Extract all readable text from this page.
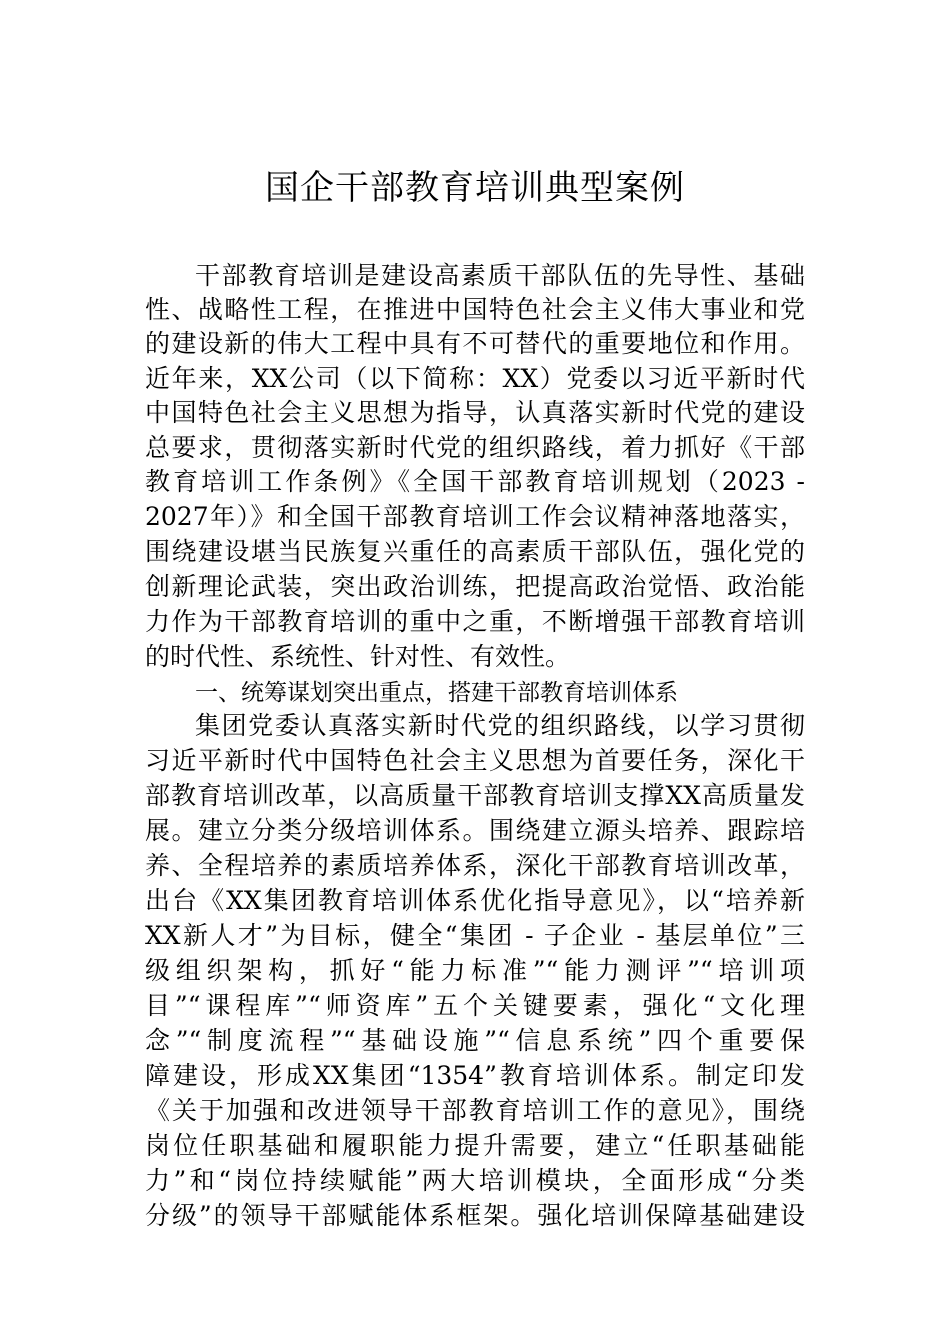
国企干部教育培训典型案例
干部教育培训是建设高素质干部队伍的先导性、基础
性、战略性工程，在推进中国特色社会主义伟大事业和党
的建设新的伟大工程中具有不可替代的重要地位和作用。
近年来，XX公司（以下简称：XX）党委以习近平新时代
中国特色社会主义思想为指导，认真落实新时代党的建设
总要求，贯彻落实新时代党的组织路线，着力抓好《干部
教育培训工作条例》《全国干部教育培训规划（2023 -
2027年）》和全国干部教育培训工作会议精神落地落实，
围绕建设堪当民族复兴重任的高素质干部队伍，强化党的
创新理论武装，突出政治训练，把提高政治觉悟、政治能
力作为干部教育培训的重中之重，不断增强干部教育培训
的时代性、系统性、针对性、有效性。
一、统筹谋划突出重点，搭建干部教育培训体系
集团党委认真落实新时代党的组织路线，以学习贯彻
习近平新时代中国特色社会主义思想为首要任务，深化干
部教育培训改革，以高质量干部教育培训支撑XX高质量发
展。建立分类分级培训体系。围绕建立源头培养、跟踪培
养、全程培养的素质培养体系，深化干部教育培训改革，
出台《XX集团教育培训体系优化指导意见》，以“培养新
XX新人才”为目标，健全“集团 - 子企业 - 基层单位”三
级组织架构，抓好“能力标准”“能力测评”“培训项
目”“课程库”“师资库”五个关键要素，强化“文化理
念”“制度流程”“基础设施”“信息系统”四个重要保
障建设，形成XX集团“1354”教育培训体系。制定印发
《关于加强和改进领导干部教育培训工作的意见》，围绕
岗位任职基础和履职能力提升需要，建立“任职基础能
力”和“岗位持续赋能”两大培训模块，全面形成“分类
分级”的领导干部赋能体系框架。强化培训保障基础建设
